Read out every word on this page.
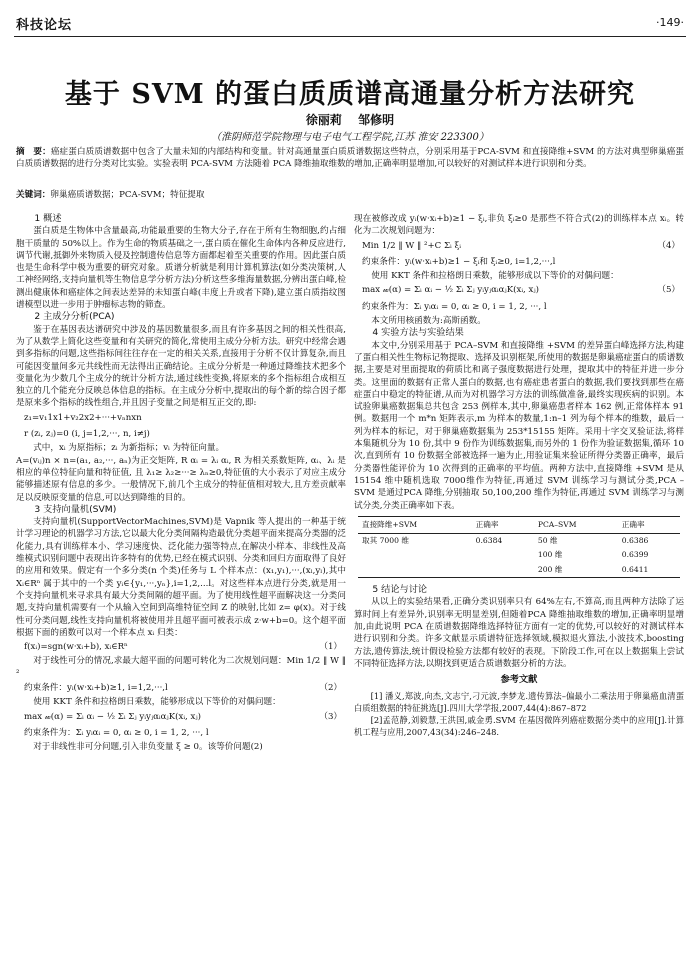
科技论坛	·149·
基于 SVM 的蛋白质质谱高通量分析方法研究
徐丽莉　 邹修明
（淮阴师范学院物理与电子电气工程学院,江苏 淮安 223300）
摘　要：癌症蛋白质质谱数据中包含了大量未知的内部结构和变量。针对高通量蛋白质质谱数据这些特点，分别采用基于PCA-SVM 和直接降维+SVM 的方法对典型卵巢癌蛋白质质谱数据的进行分类对比实验。实验表明 PCA-SVM 方法随着 PCA 降维抽取维数的增加,正确率明显增加,可以较好的对测试样本进行识别和分类。
关键词：卵巢癌质谱数据；PCA-SVM；特征提取

1 概述

蛋白质是生物体中含量最高,功能最重要的生物大分子,存在于所有生物细胞,约占细胞干质量的 50%以上。作为生命的物质基础之一,蛋白质在催化生命体内各种反应进行,调节代谢,抵御外来物质入侵及控制遗传信息等方面都起着至关重要的作用。因此蛋白质也是生命科学中极为重要的研究对象。质谱分析就是利用计算机算法(如分类决策树,人工神经网络,支持向量机等生物信息学分析方法)分析这些多维海量数据,分辨出蛋白峰,检测出健康体和癌症体之间表达差异的未知蛋白峰(丰度上升或者下降),建立蛋白质指纹图谱模型以进一步用于肿瘤标志物的筛查。

2 主成分分析(PCA)

鉴于在基因表达谱研究中涉及的基因数量很多,而且有许多基因之间的相关性很高,为了从数学上简化这些变量和有关研究的简化,常使用主成分分析方法。研究中经常会遇到多指标的问题,这些指标间往往存在一定的相关关系,直接用于分析不仅计算复杂,而且可能因变量间多元共线性而无法得出正确结论。主成分分析是一种通过降维技术把多个变量化为少数几个主成分的统计分析方法,通过线性变换,将原来的多个指标组合成相互独立的几个能充分反映总体信息的指标。在主成分分析中,提取出的每个新的综合因子都是原来多个指标的线性组合,并且因子变量之间是相互正交的,即:

z₁=v₁1x1+v₂2x2+···+vₙnxn
r (zᵢ, zⱼ)=0 (i, j=1,2,···, n, i≠j)

式中，xᵢ 为原指标；zᵢ 为新指标；vᵢ 为特征向量。

A=(vᵢⱼ)n × n=(a₁, a₂,···, aₙ)为正交矩阵, R αᵢ = λᵢ αᵢ, R 为相关系数矩阵, αᵢ、λᵢ 是相应的单位特征向量和特征值, 且 λ₁≥ λ₂≥···≥ λₙ≥0,特征值的大小表示了对应主成分能够描述原有信息的多少。一般情况下,前几个主成分的特征值相对较大,且方差贡献率足以反映原变量的信息,可以达到降维的目的。

3 支持向量机(SVM)

支持向量机(SupportVectorMachines,SVM)是 Vapnik 等人提出的一种基于统计学习理论的机器学习方法,它以最大化分类间隔构造最优分类超平面来提高分类器的泛化能力,具有训练样本小、学习速度快、泛化能力强等特点,在解决小样本、非线性及高维模式识别问题中表现出许多特有的优势,已经在模式识别、分类和回归方面取得了良好的应用和效果。假定有一个多分类(n 个类)任务与 L 个样本点：(x₁,y₁),···,(xₗ,yₗ),其中 Xᵢ∈Rⁿ 属于其中的一个类 yᵢ∈{y₁,···,yₙ},i=1,2,...l。对这些样本点进行分类,就是用一个支持向量机来寻求具有最大分类间隔的超平面。为了使用线性超平面解决这一分类问题,支持向量机需要有一个从输入空间到高维特征空间 Z 的映射,比如 z= φ(x)。对于线性可分类问题,线性支持向量机将被使用并且超平面可被表示成 z·w+b=0。这个超平面根据下面的函数可以对一个样本点 xᵢ 归类：

f(xᵢ)=sgn(w·xᵢ+b), xᵢ∈Rⁿ	（1）

对于线性可分的情况,求最大超平面的问题可转化为二次规划问题：Min 1/2 ‖ W ‖ ²

约束条件：yᵢ(w·xᵢ+b)≥1, i=1,2,···,l	（2）

使用 KKT 条件和拉格朗日乘数，能够形成以下等价的对偶问题：

max 𝓌(α) = Σᵢ αᵢ − ½ Σᵢ Σⱼ yᵢyⱼαᵢαⱼK(xᵢ, xⱼ)	（3）
约束条件为：Σᵢ yᵢαᵢ = 0, αᵢ ≥ 0, i = 1, 2, ···, l

对于非线性非可分问题,引入非负变量 ξ ≥ 0。该等价问题(2)

现在被修改成 yᵢ(w·xᵢ+b)≥1 − ξᵢ,非负 ξᵢ≥0 是那些不符合式(2)的训练样本点 xᵢ。转化为二次规划问题为：

Min 1/2 ‖ W ‖ ²+C Σᵢ ξᵢ	（4）
约束条件：yᵢ(w·xᵢ+b)≥1 − ξᵢ和 ξᵢ≥0, i=1,2,···,l

使用 KKT 条件和拉格朗日乘数，能够形成以下等价的对偶问题：

max 𝓌(α) = Σᵢ αᵢ − ½ Σᵢ Σⱼ yᵢyⱼαᵢαⱼK(xᵢ, xⱼ)	（5）
约束条件为：Σᵢ yᵢαᵢ = 0, αᵢ ≥ 0, i = 1, 2, ···, l

本文所用核函数为:高斯函数。

4 实验方法与实验结果

本文中,分别采用基于 PCA–SVM 和直接降维 +SVM 的差异蛋白峰选择方法,构建了蛋白相关性生物标记物提取、选择及识别框架,所使用的数据是卵巢癌症蛋白的质谱数据,主要是对里面提取的荷质比和离子强度数据进行处理，提取其中的特征并进一步分类。这里面的数据有正常人蛋白的数据,也有癌症患者蛋白的数据,我们要找到那些在癌症蛋白中稳定的特征谱,从而为对机器学习方法的训练做准备,最终实现疾病的识别。本试验卵巢癌数据集总共包含 253 例样本,其中,卵巢癌患者样本 162 例,正常体样本 91例。数据用一个 m*n 矩阵表示,m 为样本的数量,1:n–1 列为每个样本的维数，最后一列为样本的标记，对于卵巢癌数据集为 253*15155 矩阵。采用十字交叉验证法,将样本集随机分为 10 份,其中 9 份作为训练数据集,而另外的 1 份作为验证数据集,循环 10次,直到所有 10 份数据全部被选择一遍为止,用验证集来验证所得分类器正确率，最后分类器性能评价为 10 次得到的正确率的平均值。两种方法中,直接降维 +SVM 是从 15154 维中随机选取 7000维作为特征,再通过 SVM 训练学习与测试分类,PCA –SVM 是通过PCA 降维,分别抽取 50,100,200 维作为特征,再通过 SVM 训练学习与测试分类,分类正确率如下表。

直接降维+SVM	正确率	PCA–SVM	正确率
取其 7000 维	0.6384	50 维	0.6386
		100 维	0.6399
		200 维	0.6411

5 结论与讨论

从以上的实验结果看,正确分类识别率只有 64%左右,不算高,而且两种方法除了运算时间上有差异外,识别率无明显差别,但随着PCA 降维抽取维数的增加,正确率明显增加,由此说明 PCA 在质谱数据降维选择特征方面有一定的优势,可以较好的对测试样本进行识别和分类。许多文献显示质谱特征选择领域,模拟退火算法,小波技术,boosting 方法,遗传算法,统计假设检验方法都有较好的表现。下阶段工作,可在以上数据集上尝试不同特征选择方法,以期找到更适合质谱数据分析的方法。

参考文献

[1] 潘义,郑波,向杰,文志宁,刁元波,李梦龙.遗传算法–偏最小二乘法用于卵巢癌血清蛋白质组数据的特征挑选[J].四川大学学报,2007,44(4):867–872

[2]孟范静,刘毅慧,王洪国,戚金勇.SVM 在基因微阵列癌症数据分类中的应用[J].计算机工程与应用,2007,43(34):246–248.
